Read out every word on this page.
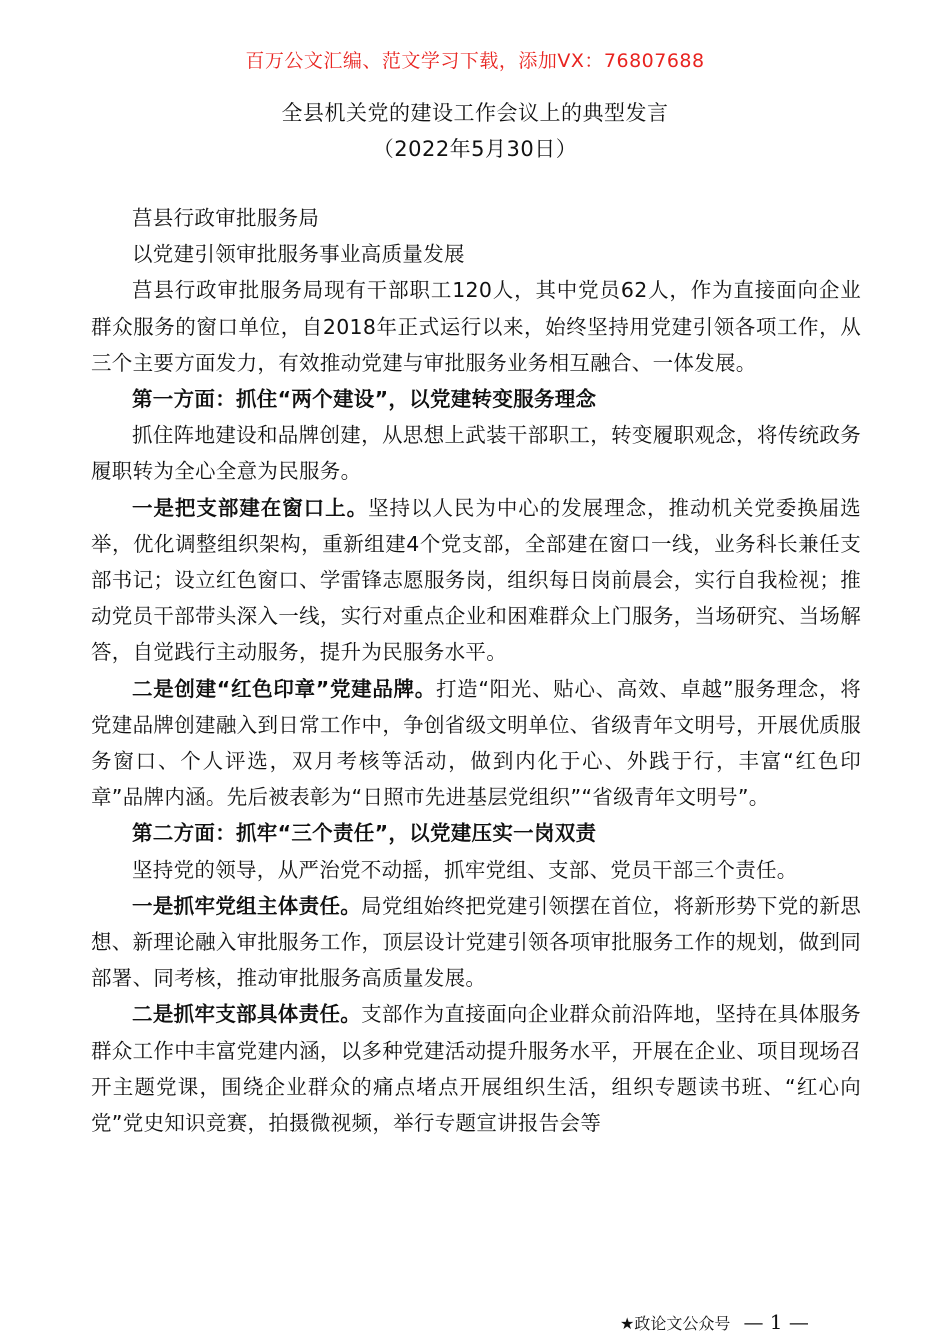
百万公文汇编、范文学习下载，添加VX：76807688
全县机关党的建设工作会议上的典型发言
（2022年5月30日）

莒县行政审批服务局

以党建引领审批服务事业高质量发展

莒县行政审批服务局现有干部职工120人，其中党员62人，作为直接面向企业群众服务的窗口单位，自2018年正式运行以来，始终坚持用党建引领各项工作，从三个主要方面发力，有效推动党建与审批服务业务相互融合、一体发展。

第一方面：抓住“两个建设”，以党建转变服务理念

抓住阵地建设和品牌创建，从思想上武装干部职工，转变履职观念，将传统政务履职转为全心全意为民服务。

一是把支部建在窗口上。坚持以人民为中心的发展理念，推动机关党委换届选举，优化调整组织架构，重新组建4个党支部，全部建在窗口一线，业务科长兼任支部书记；设立红色窗口、学雷锋志愿服务岗，组织每日岗前晨会，实行自我检视；推动党员干部带头深入一线，实行对重点企业和困难群众上门服务，当场研究、当场解答，自觉践行主动服务，提升为民服务水平。

二是创建“红色印章”党建品牌。打造“阳光、贴心、高效、卓越”服务理念，将党建品牌创建融入到日常工作中，争创省级文明单位、省级青年文明号，开展优质服务窗口、个人评选，双月考核等活动，做到内化于心、外践于行，丰富“红色印章”品牌内涵。先后被表彰为“日照市先进基层党组织”“省级青年文明号”。

第二方面：抓牢“三个责任”，以党建压实一岗双责

坚持党的领导，从严治党不动摇，抓牢党组、支部、党员干部三个责任。

一是抓牢党组主体责任。局党组始终把党建引领摆在首位，将新形势下党的新思想、新理论融入审批服务工作，顶层设计党建引领各项审批服务工作的规划，做到同部署、同考核，推动审批服务高质量发展。

二是抓牢支部具体责任。支部作为直接面向企业群众前沿阵地，坚持在具体服务群众工作中丰富党建内涵，以多种党建活动提升服务水平，开展在企业、项目现场召开主题党课，围绕企业群众的痛点堵点开展组织生活，组织专题读书班、“红心向党”党史知识竞赛，拍摄微视频，举行专题宣讲报告会等

★政论文公众号 — 1 —
